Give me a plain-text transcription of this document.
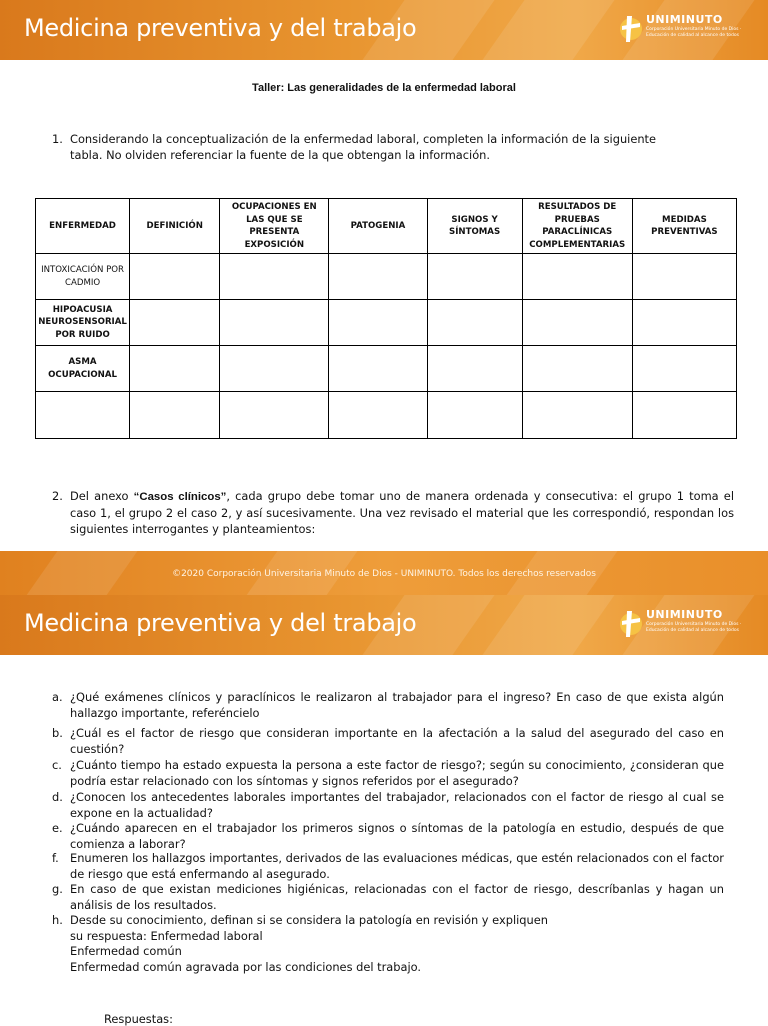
Medicina preventiva y del trabajo	UNIMINUTO
Corporación Universitaria Minuto de Dios · Educación de calidad al alcance de todos
Taller: Las generalidades de la enfermedad laboral
1. Considerando la conceptualización de la enfermedad laboral, completen la información de la siguiente tabla. No olviden referenciar la fuente de la que obtengan la información.
ENFERMEDAD	DEFINICIÓN	OCUPACIONES EN LAS QUE SE PRESENTA EXPOSICIÓN	PATOGENIA	SIGNOS Y SÍNTOMAS	RESULTADOS DE PRUEBAS PARACLÍNICAS COMPLEMENTARIAS	MEDIDAS PREVENTIVAS
INTOXICACIÓN POR CADMIO						
HIPOACUSIA NEUROSENSORIAL POR RUIDO						
ASMA OCUPACIONAL						

2. Del anexo “Casos clínicos”, cada grupo debe tomar uno de manera ordenada y consecutiva: el grupo 1 toma el caso 1, el grupo 2 el caso 2, y así sucesivamente. Una vez revisado el material que les correspondió, respondan los siguientes interrogantes y planteamientos:
©2020 Corporación Universitaria Minuto de Dios - UNIMINUTO. Todos los derechos reservados
Medicina preventiva y del trabajo	UNIMINUTO
Corporación Universitaria Minuto de Dios · Educación de calidad al alcance de todos
a. ¿Qué exámenes clínicos y paraclínicos le realizaron al trabajador para el ingreso? En caso de que exista algún hallazgo importante, referéncielo
b. ¿Cuál es el factor de riesgo que consideran importante en la afectación a la salud del asegurado del caso en cuestión?
c. ¿Cuánto tiempo ha estado expuesta la persona a este factor de riesgo?; según su conocimiento, ¿consideran que podría estar relacionado con los síntomas y signos referidos por el asegurado?
d. ¿Conocen los antecedentes laborales importantes del trabajador, relacionados con el factor de riesgo al cual se expone en la actualidad?
e. ¿Cuándo aparecen en el trabajador los primeros signos o síntomas de la patología en estudio, después de que comienza a laborar?
f. Enumeren los hallazgos importantes, derivados de las evaluaciones médicas, que estén relacionados con el factor de riesgo que está enfermando al asegurado.
g. En caso de que existan mediciones higiénicas, relacionadas con el factor de riesgo, descríbanlas y hagan un análisis de los resultados.
h. Desde su conocimiento, definan si se considera la patología en revisión y expliquen
su respuesta: Enfermedad laboral
Enfermedad común
Enfermedad común agravada por las condiciones del trabajo.
Respuestas:
